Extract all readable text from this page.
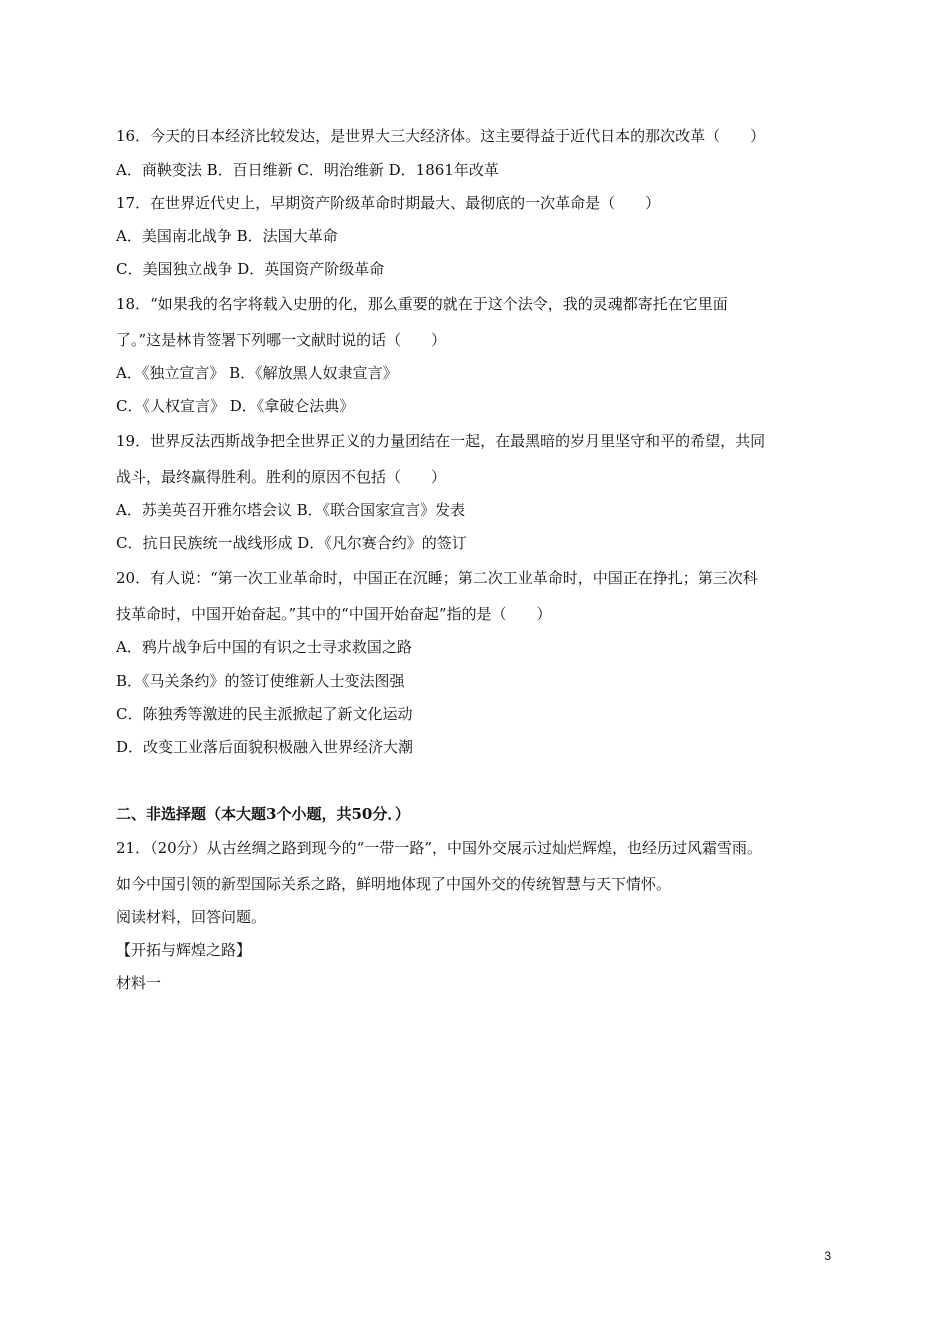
16．今天的日本经济比较发达，是世界大三大经济体。这主要得益于近代日本的那次改革（　　）
A．商鞅变法 B．百日维新 C．明治维新 D．1861年改革
17．在世界近代史上，早期资产阶级革命时期最大、最彻底的一次革命是（　　）
A．美国南北战争 B．法国大革命
C．美国独立战争 D．英国资产阶级革命
18．“如果我的名字将载入史册的化，那么重要的就在于这个法令，我的灵魂都寄托在它里面
了。”这是林肯签署下列哪一文献时说的话（　　）
A．《独立宣言》 B．《解放黑人奴隶宣言》
C．《人权宣言》 D．《拿破仑法典》
19．世界反法西斯战争把全世界正义的力量团结在一起，在最黑暗的岁月里坚守和平的希望，共同
战斗，最终赢得胜利。胜利的原因不包括（　　）
A．苏美英召开雅尔塔会议 B．《联合国家宣言》发表
C．抗日民族统一战线形成 D．《凡尔赛合约》的签订
20．有人说：“第一次工业革命时，中国正在沉睡；第二次工业革命时，中国正在挣扎；第三次科
技革命时，中国开始奋起。”其中的“中国开始奋起”指的是（　　）
A．鸦片战争后中国的有识之士寻求救国之路
B．《马关条约》的签订使维新人士变法图强
C．陈独秀等激进的民主派掀起了新文化运动
D．改变工业落后面貌积极融入世界经济大潮
二、非选择题（本大题3个小题，共50分．）
21．（20分）从古丝绸之路到现今的“一带一路”，中国外交展示过灿烂辉煌，也经历过风霜雪雨。
如今中国引领的新型国际关系之路，鲜明地体现了中国外交的传统智慧与天下情怀。
阅读材料，回答问题。
【开拓与辉煌之路】
材料一
3
